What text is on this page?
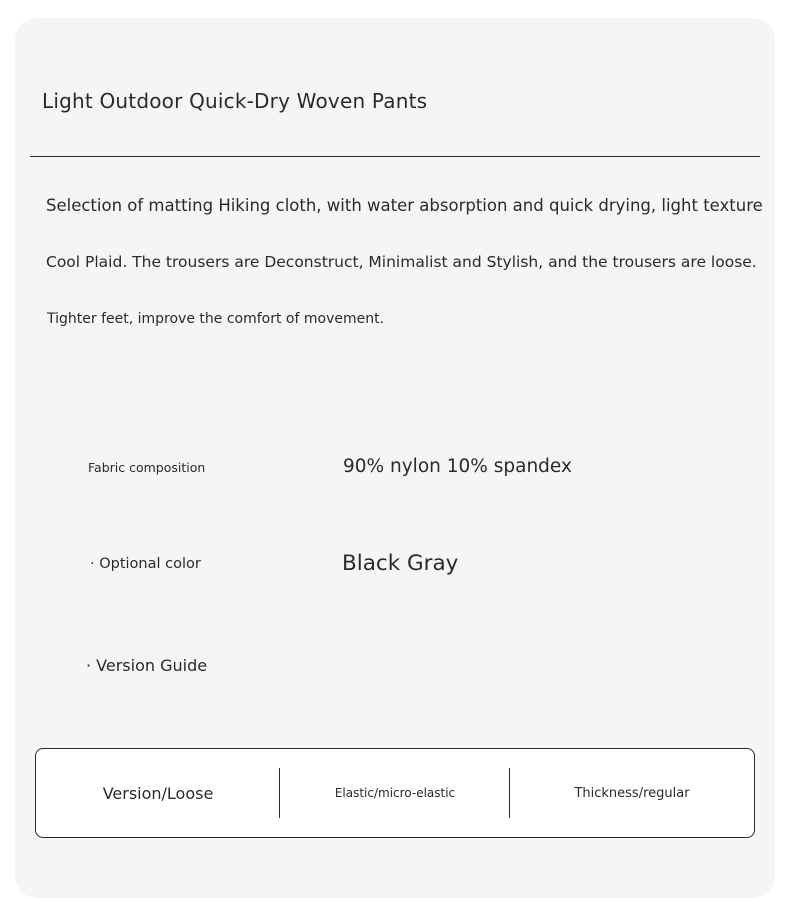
Light Outdoor Quick-Dry Woven Pants
Selection of matting Hiking cloth, with water absorption and quick drying, light texture
Cool Plaid. The trousers are Deconstruct, Minimalist and Stylish, and the trousers are loose.
Tighter feet, improve the comfort of movement.
Fabric composition	90% nylon 10% spandex
· Optional color	Black Gray
· Version Guide
Version/Loose	Elastic/micro-elastic	Thickness/regular
